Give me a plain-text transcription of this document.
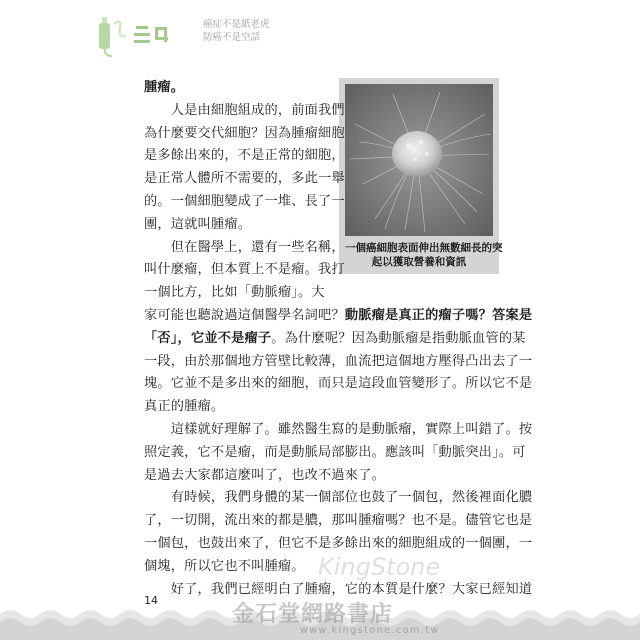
癌症不是紙老虎
防癌不是空話
一個癌細胞表面伸出無數細長的突
起以獲取營養和資訊
腫瘤。
　　人是由細胞組成的，前面我們
為什麼要交代細胞？因為腫瘤細胞
是多餘出來的，不是正常的細胞，
是正常人體所不需要的，多此一舉
的。一個細胞變成了一堆、長了一
團，這就叫腫瘤。
　　但在醫學上，還有一些名稱，
叫什麼瘤，但本質上不是瘤。我打
一個比方，比如「動脈瘤」。大
家可能也聽說過這個醫學名詞吧？動脈瘤是真正的瘤子嗎？答案是
「否」，它並不是瘤子。為什麼呢？因為動脈瘤是指動脈血管的某
一段，由於那個地方管壁比較薄，血流把這個地方壓得凸出去了一
塊。它並不是多出來的細胞，而只是這段血管變形了。所以它不是
真正的腫瘤。
　　這樣就好理解了。雖然醫生寫的是動脈瘤，實際上叫錯了。按
照定義，它不是瘤，而是動脈局部膨出。應該叫「動脈突出」。可
是過去大家都這麼叫了，也改不過來了。
　　有時候，我們身體的某一個部位也鼓了一個包，然後裡面化膿
了，一切開，流出來的都是膿，那叫腫瘤嗎？也不是。儘管它也是
一個包，也鼓出來了，但它不是多餘出來的細胞組成的一個團，一
個塊，所以它也不叫腫瘤。
　　好了，我們已經明白了腫瘤，它的本質是什麼？大家已經知道
KingStone
14
金石堂網路書店
www.kingstone.com.tw
